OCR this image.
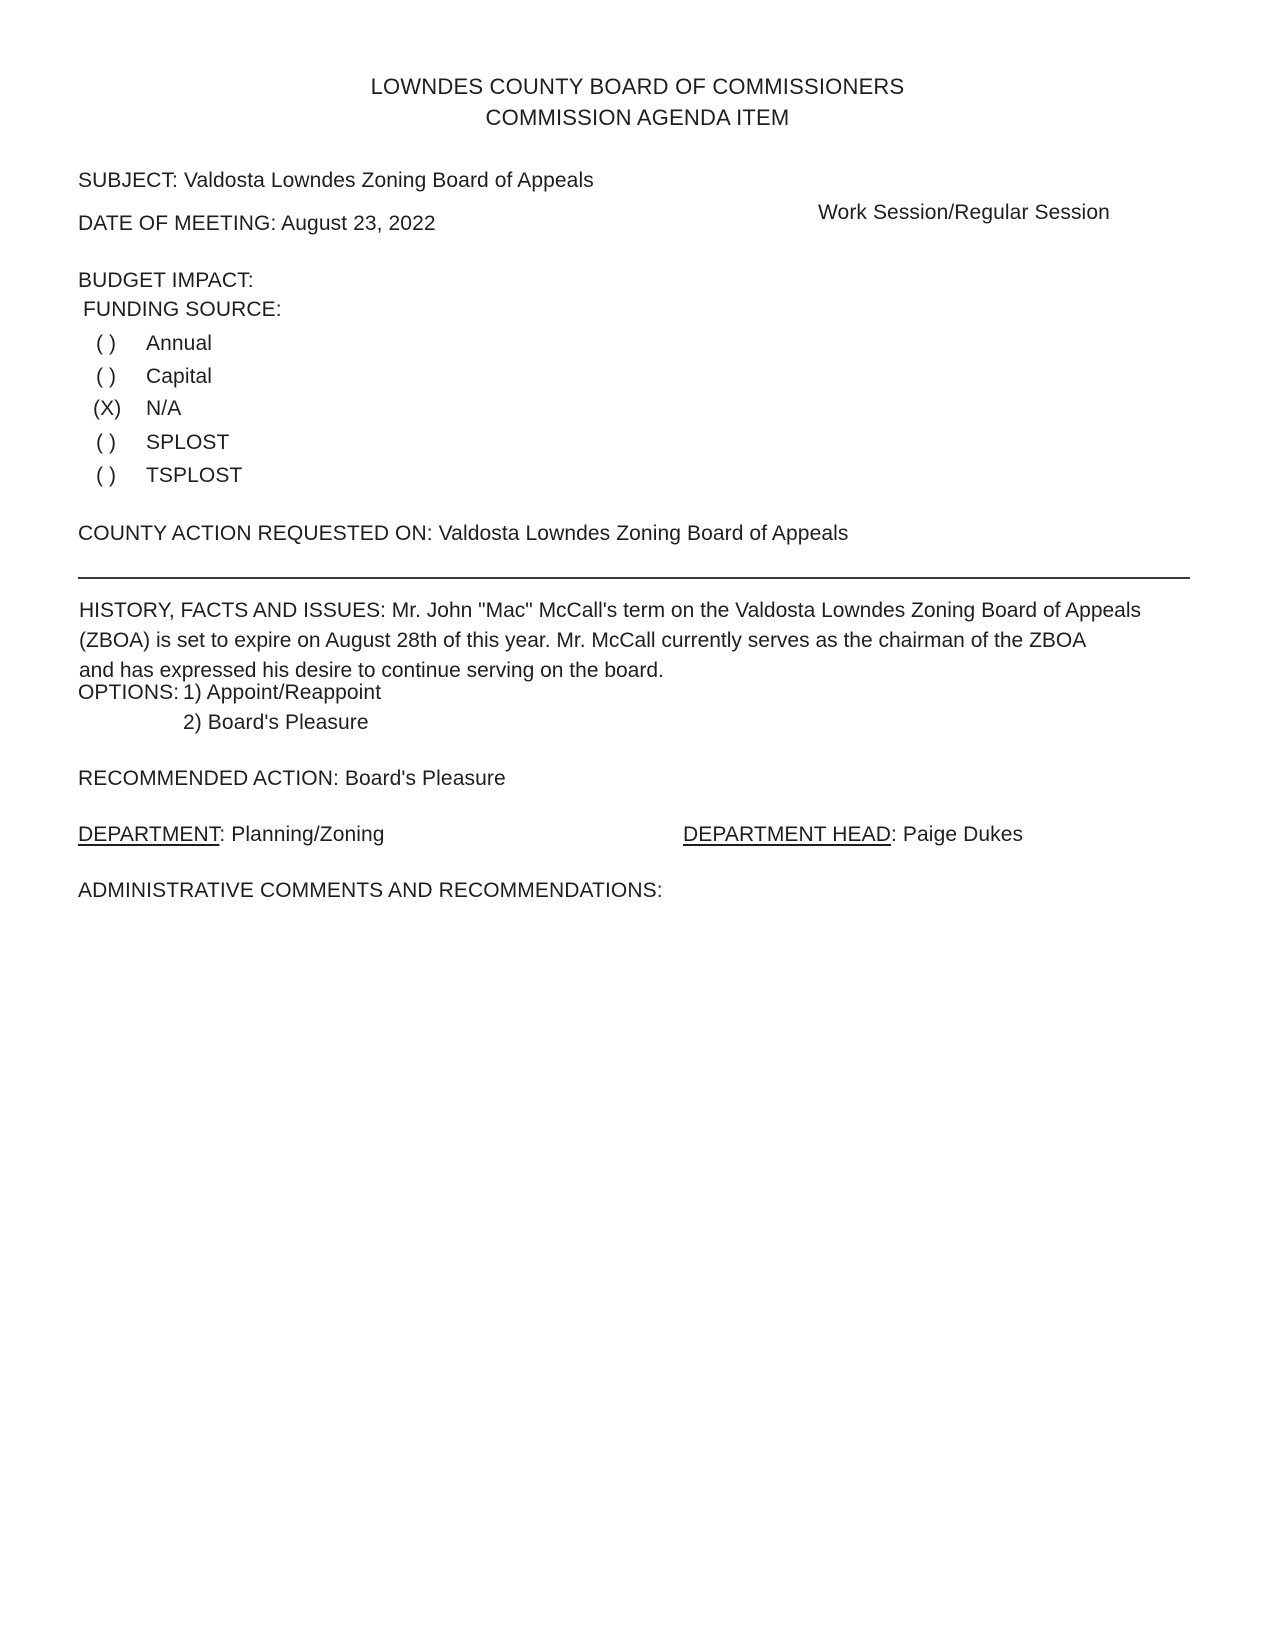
LOWNDES COUNTY BOARD OF COMMISSIONERS
COMMISSION AGENDA ITEM
SUBJECT: Valdosta Lowndes Zoning Board of Appeals
DATE OF MEETING: August 23, 2022	Work Session/Regular Session
BUDGET IMPACT:
FUNDING SOURCE:
( ) Annual
( ) Capital
(X) N/A
( ) SPLOST
( ) TSPLOST
COUNTY ACTION REQUESTED ON: Valdosta Lowndes Zoning Board of Appeals
HISTORY, FACTS AND ISSUES: Mr. John "Mac" McCall's term on the Valdosta Lowndes Zoning Board of Appeals
(ZBOA) is set to expire on August 28th of this year. Mr. McCall currently serves as the chairman of the ZBOA
and has expressed his desire to continue serving on the board.
OPTIONS: 1) Appoint/Reappoint
2) Board's Pleasure
RECOMMENDED ACTION: Board's Pleasure
DEPARTMENT: Planning/Zoning	DEPARTMENT HEAD: Paige Dukes
ADMINISTRATIVE COMMENTS AND RECOMMENDATIONS:
